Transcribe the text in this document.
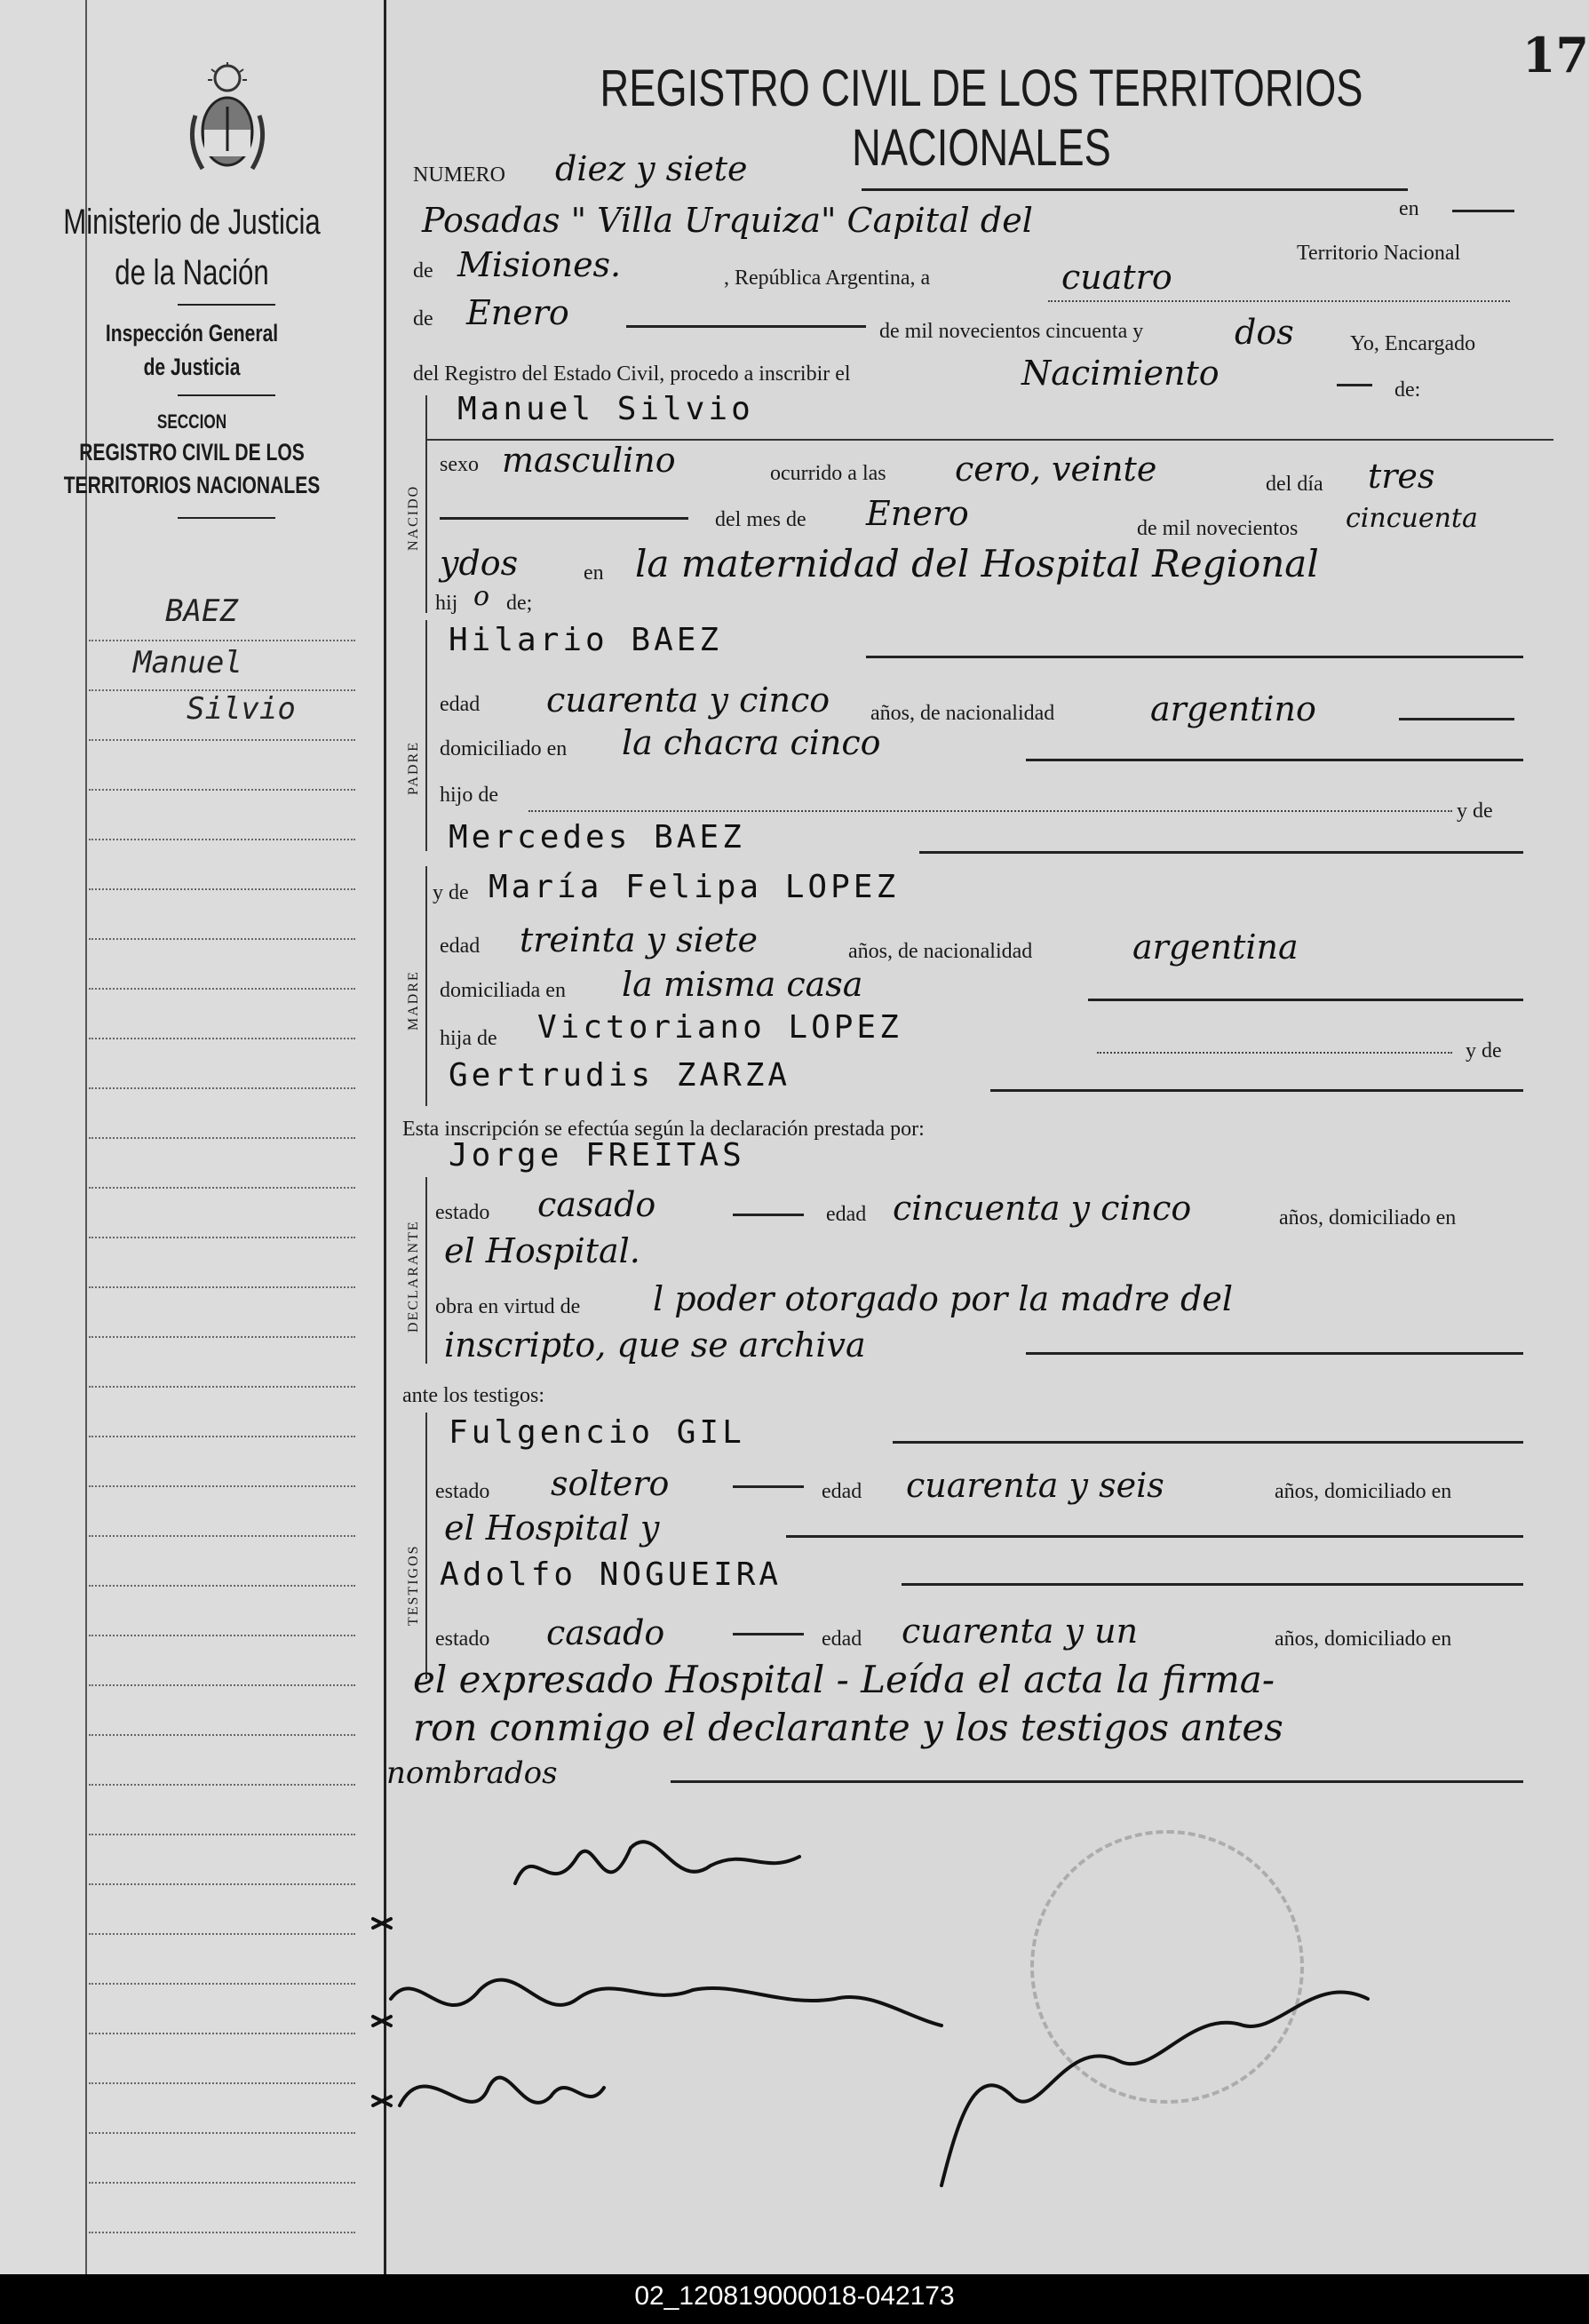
Ministerio de Justicia
de la Nación
Inspección General
de Justicia
SECCION
REGISTRO CIVIL DE LOS
TERRITORIOS NACIONALES
BAEZ
Manuel
Silvio
17
REGISTRO CIVIL DE LOS TERRITORIOS NACIONALES
NUMERO diez y siete
en
Posadas " Villa Urquiza" Capital del
Territorio Nacional
de Misiones.	, República Argentina, a	cuatro
de Enero	de mil novecientos cincuenta y	dos	Yo, Encargado
del Registro del Estado Civil, procedo a inscribir el	Nacimiento	de:
NACIDO
Manuel Silvio
sexo masculino	ocurrido a las cero, veinte	del día tres
del mes de Enero	de mil novecientos cincuenta
ydos	en la maternidad del Hospital Regional
hij o de;
PADRE
Hilario BAEZ
edad cuarenta y cinco años, de nacionalidad	argentino
domiciliado en la chacra cinco
hijo de
y de
Mercedes BAEZ
MADRE
y de María Felipa LOPEZ
edad treinta y siete	años, de nacionalidad	argentina
domiciliada en la misma casa
hija de Victoriano LOPEZ
y de
Gertrudis ZARZA
Esta inscripción se efectúa según la declaración prestada por:
Jorge FREITAS
DECLARANTE
estado casado	edad cincuenta y cinco	años, domiciliado en
el Hospital.
obra en virtud de l poder otorgado por la madre del
inscripto, que se archiva
ante los testigos:
TESTIGOS
Fulgencio GIL
estado soltero	edad cuarenta y seis	años, domiciliado en
el Hospital y
Adolfo NOGUEIRA
estado casado	edad cuarenta y un	años, domiciliado en
el expresado Hospital - Leída el acta la firma-
ron conmigo el declarante y los testigos antes
nombrados
02_120819000018-042173
